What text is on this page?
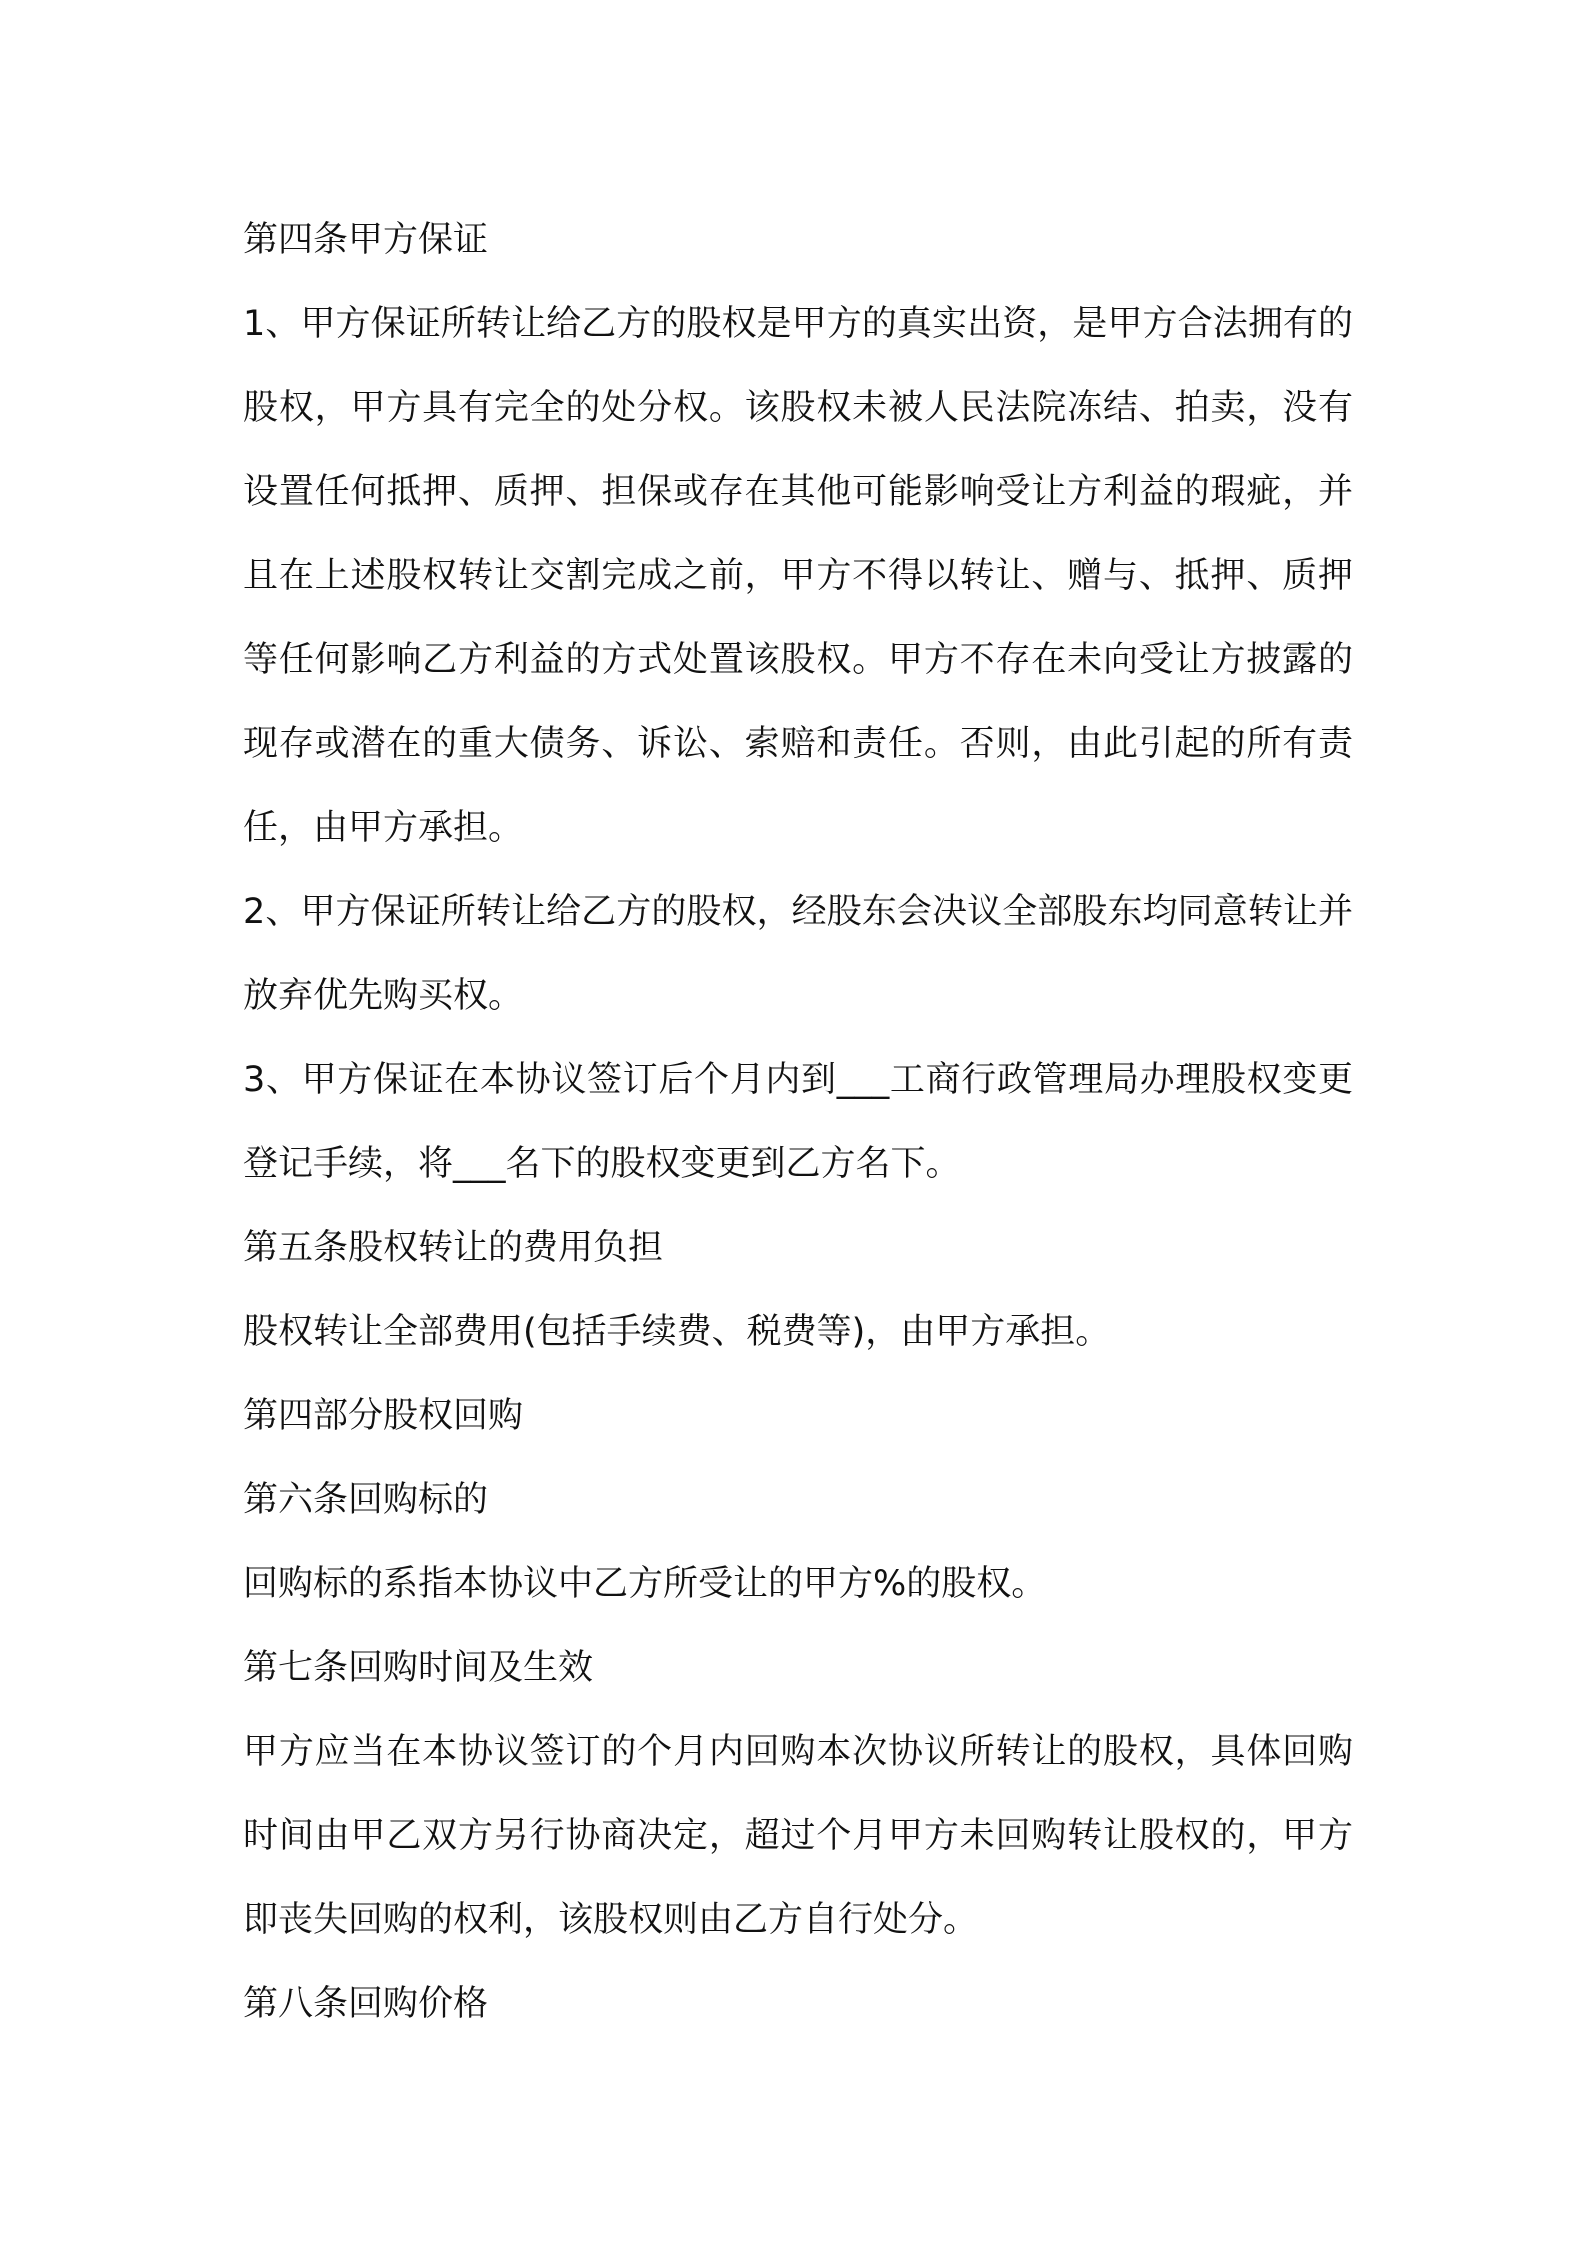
第四条甲方保证

1、甲方保证所转让给乙方的股权是甲方的真实出资，是甲方合法拥有的股权，甲方具有完全的处分权。该股权未被人民法院冻结、拍卖，没有设置任何抵押、质押、担保或存在其他可能影响受让方利益的瑕疵，并且在上述股权转让交割完成之前，甲方不得以转让、赠与、抵押、质押等任何影响乙方利益的方式处置该股权。甲方不存在未向受让方披露的现存或潜在的重大债务、诉讼、索赔和责任。否则，由此引起的所有责任，由甲方承担。

2、甲方保证所转让给乙方的股权，经股东会决议全部股东均同意转让并放弃优先购买权。

3、甲方保证在本协议签订后个月内到___工商行政管理局办理股权变更登记手续，将___名下的股权变更到乙方名下。

第五条股权转让的费用负担

股权转让全部费用(包括手续费、税费等)，由甲方承担。

第四部分股权回购

第六条回购标的

回购标的系指本协议中乙方所受让的甲方%的股权。

第七条回购时间及生效

甲方应当在本协议签订的个月内回购本次协议所转让的股权，具体回购时间由甲乙双方另行协商决定，超过个月甲方未回购转让股权的，甲方即丧失回购的权利，该股权则由乙方自行处分。

第八条回购价格
